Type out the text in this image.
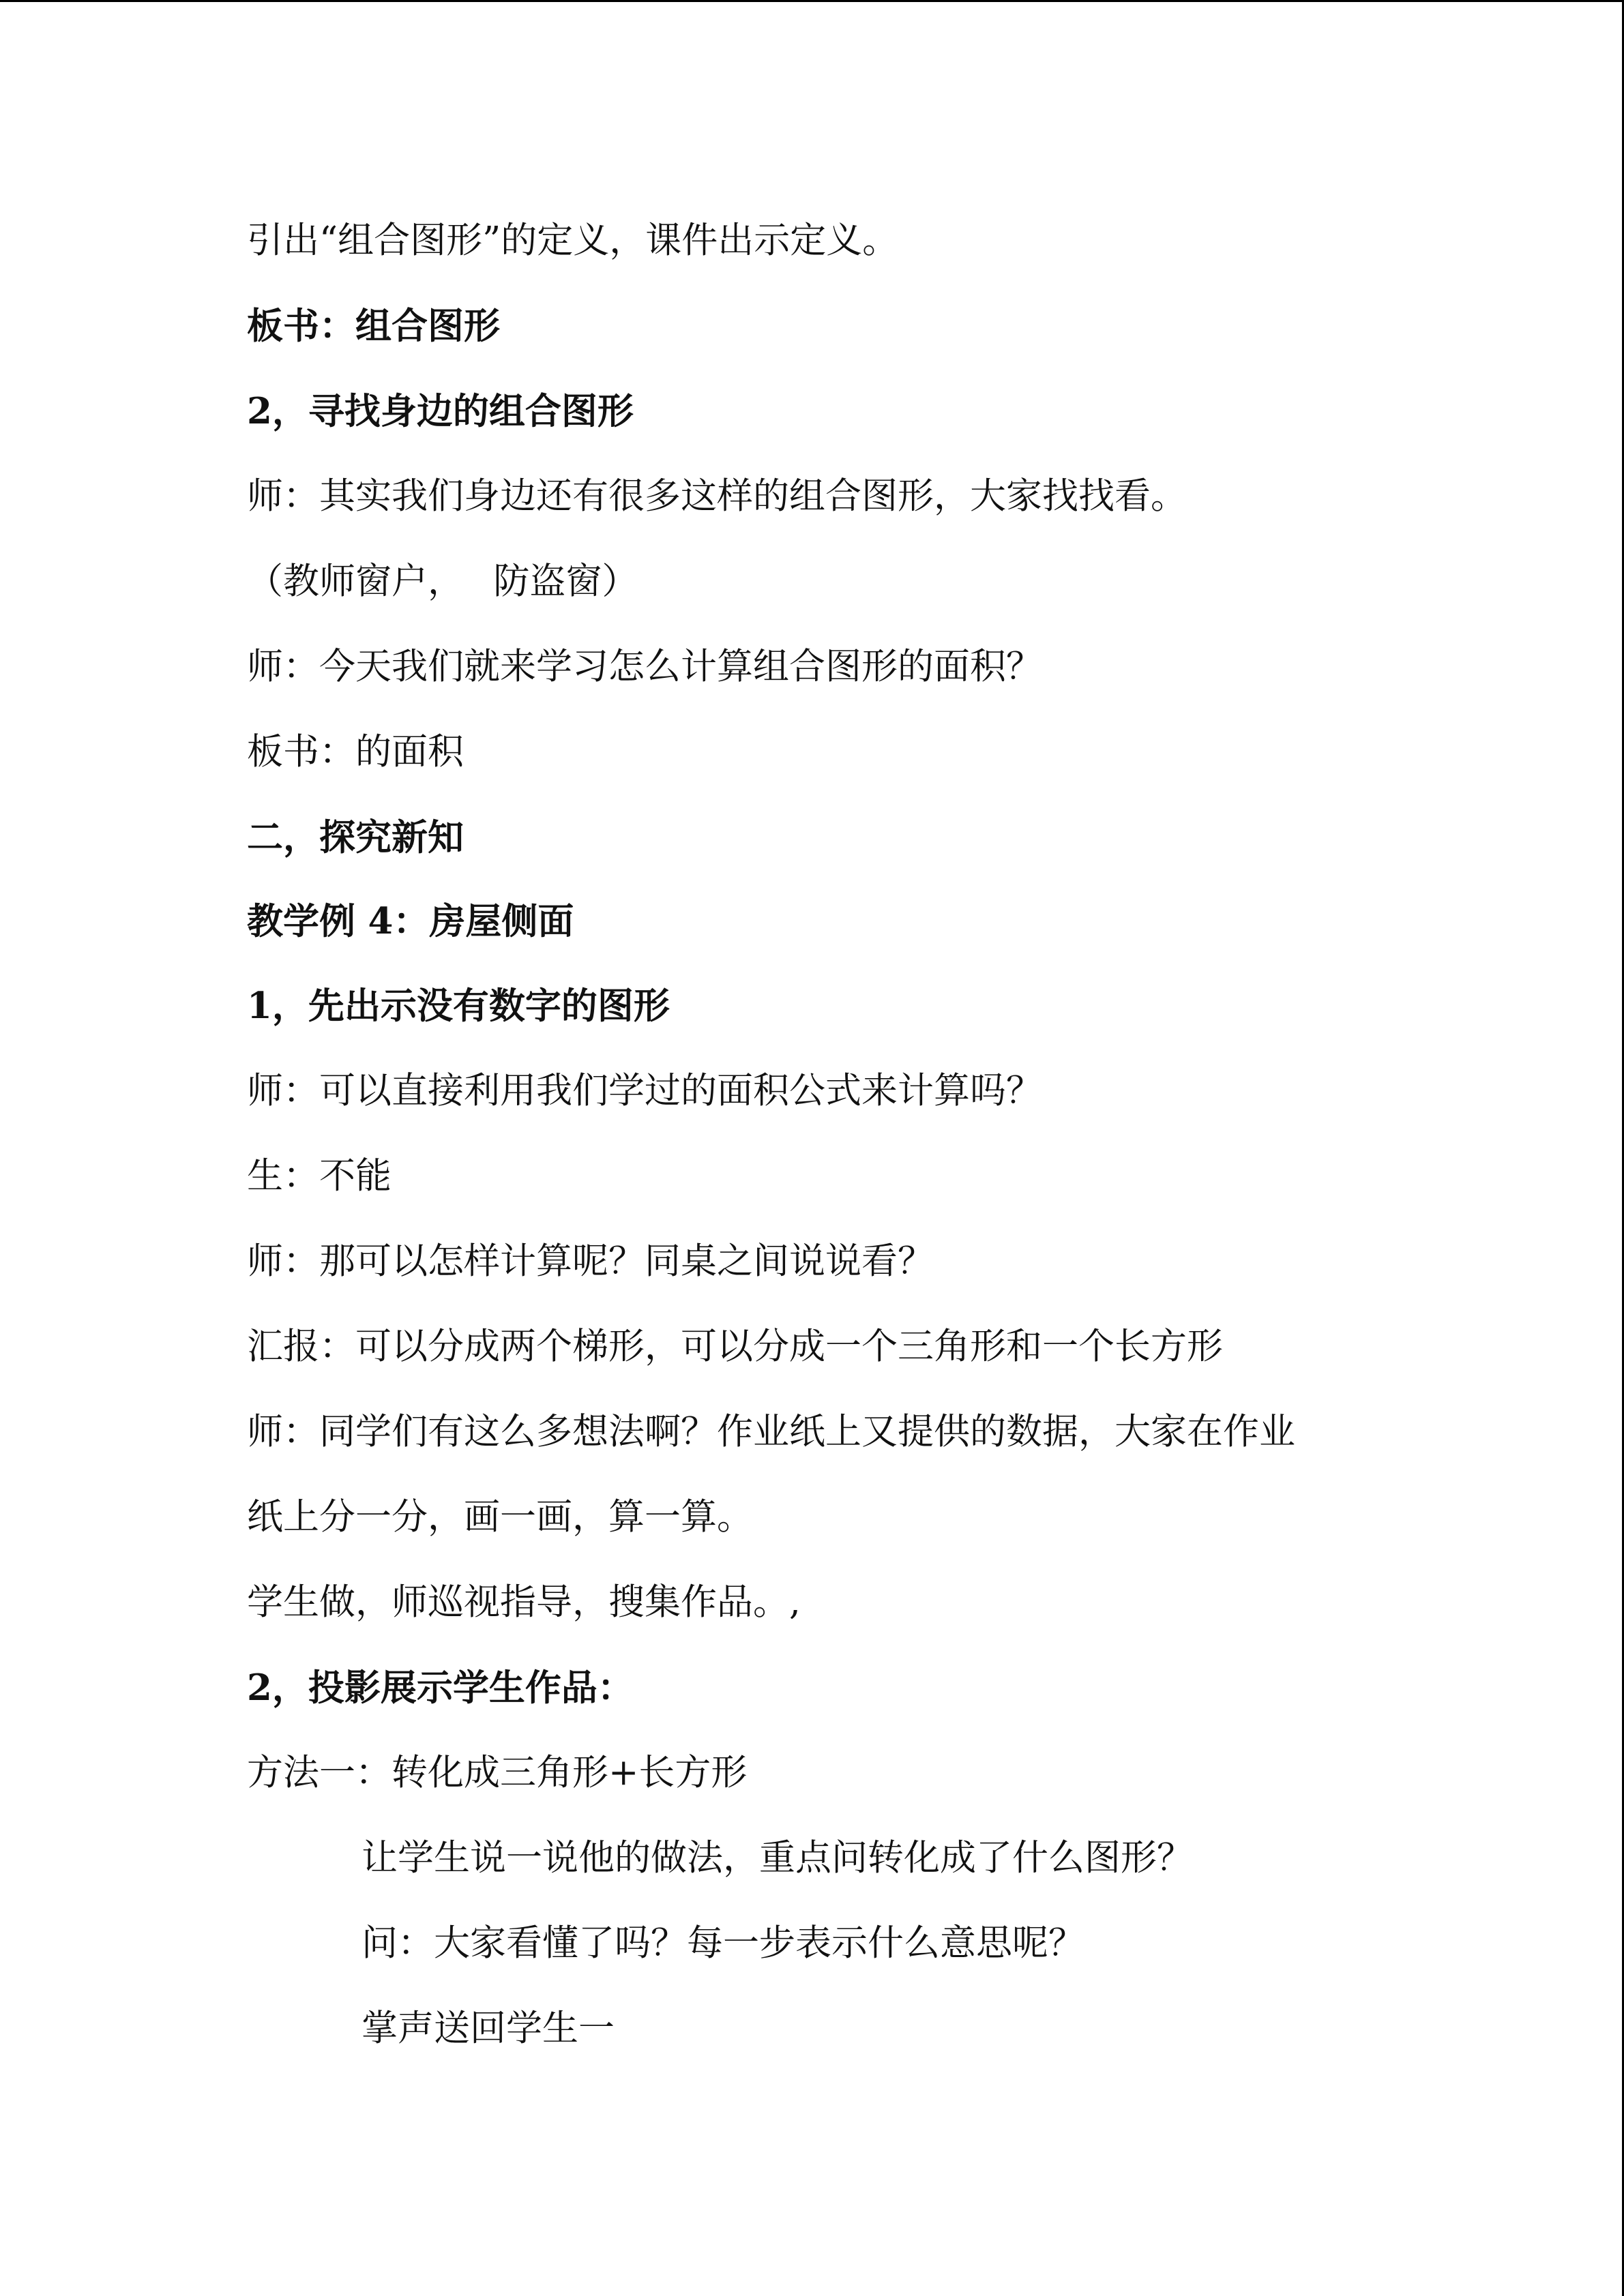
引出“组合图形”的定义，课件出示定义。
板书：组合图形
2，寻找身边的组合图形
师：其实我们身边还有很多这样的组合图形，大家找找看。
（教师窗户，　 防盗窗）
师：今天我们就来学习怎么计算组合图形的面积？
板书：的面积
二，探究新知
教学例 4：房屋侧面
1，先出示没有数字的图形
师：可以直接利用我们学过的面积公式来计算吗？
生：不能
师：那可以怎样计算呢？同桌之间说说看？
汇报：可以分成两个梯形，可以分成一个三角形和一个长方形
师：同学们有这么多想法啊？作业纸上又提供的数据，大家在作业
纸上分一分，画一画，算一算。
学生做，师巡视指导，搜集作品。,
2，投影展示学生作品：
方法一：转化成三角形+长方形
让学生说一说他的做法，重点问转化成了什么图形？
问：大家看懂了吗？每一步表示什么意思呢？
掌声送回学生一
